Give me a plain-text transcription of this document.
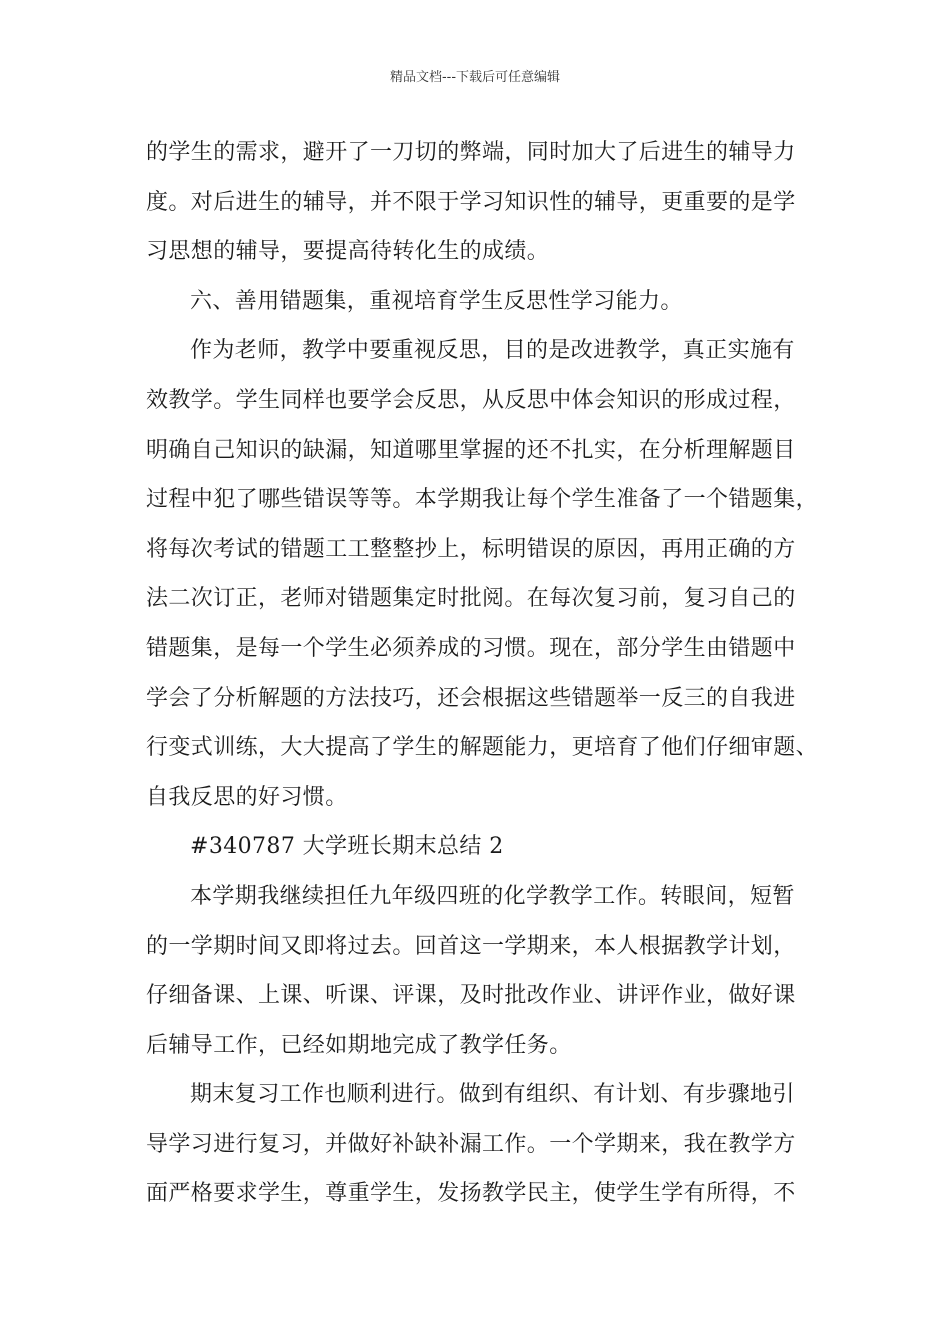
精品文档---下载后可任意编辑
的学生的需求，避开了一刀切的弊端，同时加大了后进生的辅导力
度。对后进生的辅导，并不限于学习知识性的辅导，更重要的是学
习思想的辅导，要提高待转化生的成绩。
六、善用错题集，重视培育学生反思性学习能力。
作为老师，教学中要重视反思，目的是改进教学，真正实施有
效教学。学生同样也要学会反思，从反思中体会知识的形成过程，
明确自己知识的缺漏，知道哪里掌握的还不扎实，在分析理解题目
过程中犯了哪些错误等等。本学期我让每个学生准备了一个错题集，
将每次考试的错题工工整整抄上，标明错误的原因，再用正确的方
法二次订正，老师对错题集定时批阅。在每次复习前，复习自己的
错题集，是每一个学生必须养成的习惯。现在，部分学生由错题中
学会了分析解题的方法技巧，还会根据这些错题举一反三的自我进
行变式训练，大大提高了学生的解题能力，更培育了他们仔细审题、
自我反思的好习惯。
#340787 大学班长期末总结 2
本学期我继续担任九年级四班的化学教学工作。转眼间，短暂
的一学期时间又即将过去。回首这一学期来，本人根据教学计划，
仔细备课、上课、听课、评课，及时批改作业、讲评作业，做好课
后辅导工作，已经如期地完成了教学任务。
期末复习工作也顺利进行。做到有组织、有计划、有步骤地引
导学习进行复习，并做好补缺补漏工作。一个学期来，我在教学方
面严格要求学生，尊重学生，发扬教学民主，使学生学有所得，不
